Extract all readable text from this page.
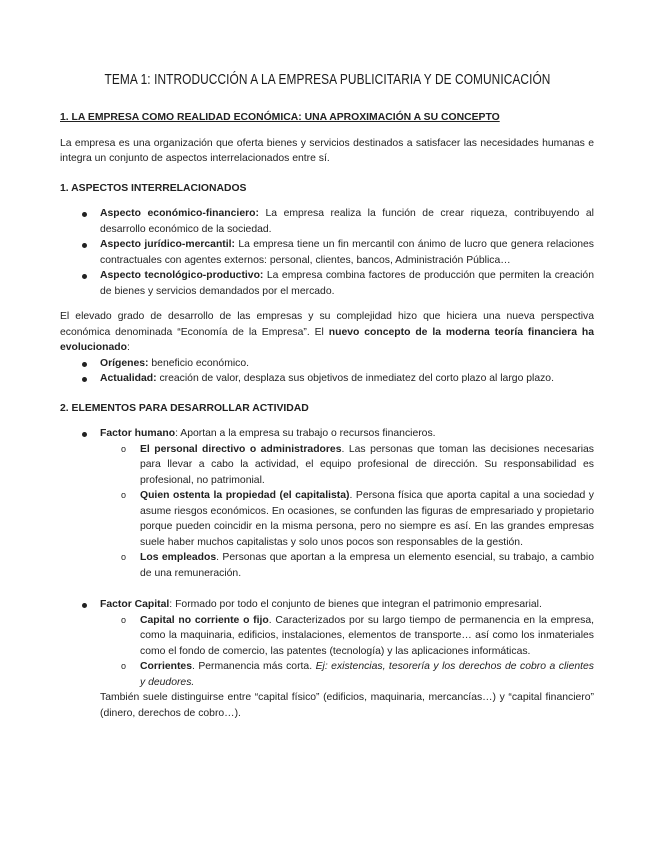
TEMA 1: INTRODUCCIÓN A LA EMPRESA PUBLICITARIA Y DE COMUNICACIÓN

1. LA EMPRESA COMO REALIDAD ECONÓMICA: UNA APROXIMACIÓN A SU CONCEPTO

La empresa es una organización que oferta bienes y servicios destinados a satisfacer las necesidades humanas e integra un conjunto de aspectos interrelacionados entre sí.

1. ASPECTOS INTERRELACIONADOS

Aspecto económico-financiero: La empresa realiza la función de crear riqueza, contribuyendo al desarrollo económico de la sociedad.
Aspecto jurídico-mercantil: La empresa tiene un fin mercantil con ánimo de lucro que genera relaciones contractuales con agentes externos: personal, clientes, bancos, Administración Pública…
Aspecto tecnológico-productivo: La empresa combina factores de producción que permiten la creación de bienes y servicios demandados por el mercado.

El elevado grado de desarrollo de las empresas y su complejidad hizo que hiciera una nueva perspectiva económica denominada “Economía de la Empresa”. El nuevo concepto de la moderna teoría financiera ha evolucionado:

Orígenes: beneficio económico.
Actualidad: creación de valor, desplaza sus objetivos de inmediatez del corto plazo al largo plazo.

2. ELEMENTOS PARA DESARROLLAR ACTIVIDAD

Factor humano: Aportan a la empresa su trabajo o recursos financieros.
o El personal directivo o administradores. Las personas que toman las decisiones necesarias para llevar a cabo la actividad, el equipo profesional de dirección. Su responsabilidad es profesional, no patrimonial.
o Quien ostenta la propiedad (el capitalista). Persona física que aporta capital a una sociedad y asume riesgos económicos. En ocasiones, se confunden las figuras de empresariado y propietario porque pueden coincidir en la misma persona, pero no siempre es así. En las grandes empresas suele haber muchos capitalistas y solo unos pocos son responsables de la gestión.
o Los empleados. Personas que aportan a la empresa un elemento esencial, su trabajo, a cambio de una remuneración.
Factor Capital: Formado por todo el conjunto de bienes que integran el patrimonio empresarial.
o Capital no corriente o fijo. Caracterizados por su largo tiempo de permanencia en la empresa, como la maquinaria, edificios, instalaciones, elementos de transporte… así como los inmateriales como el fondo de comercio, las patentes (tecnología) y las aplicaciones informáticas.
o Corrientes. Permanencia más corta. Ej: existencias, tesorería y los derechos de cobro a clientes y deudores.

También suele distinguirse entre “capital físico” (edificios, maquinaria, mercancías…) y “capital financiero” (dinero, derechos de cobro…).
